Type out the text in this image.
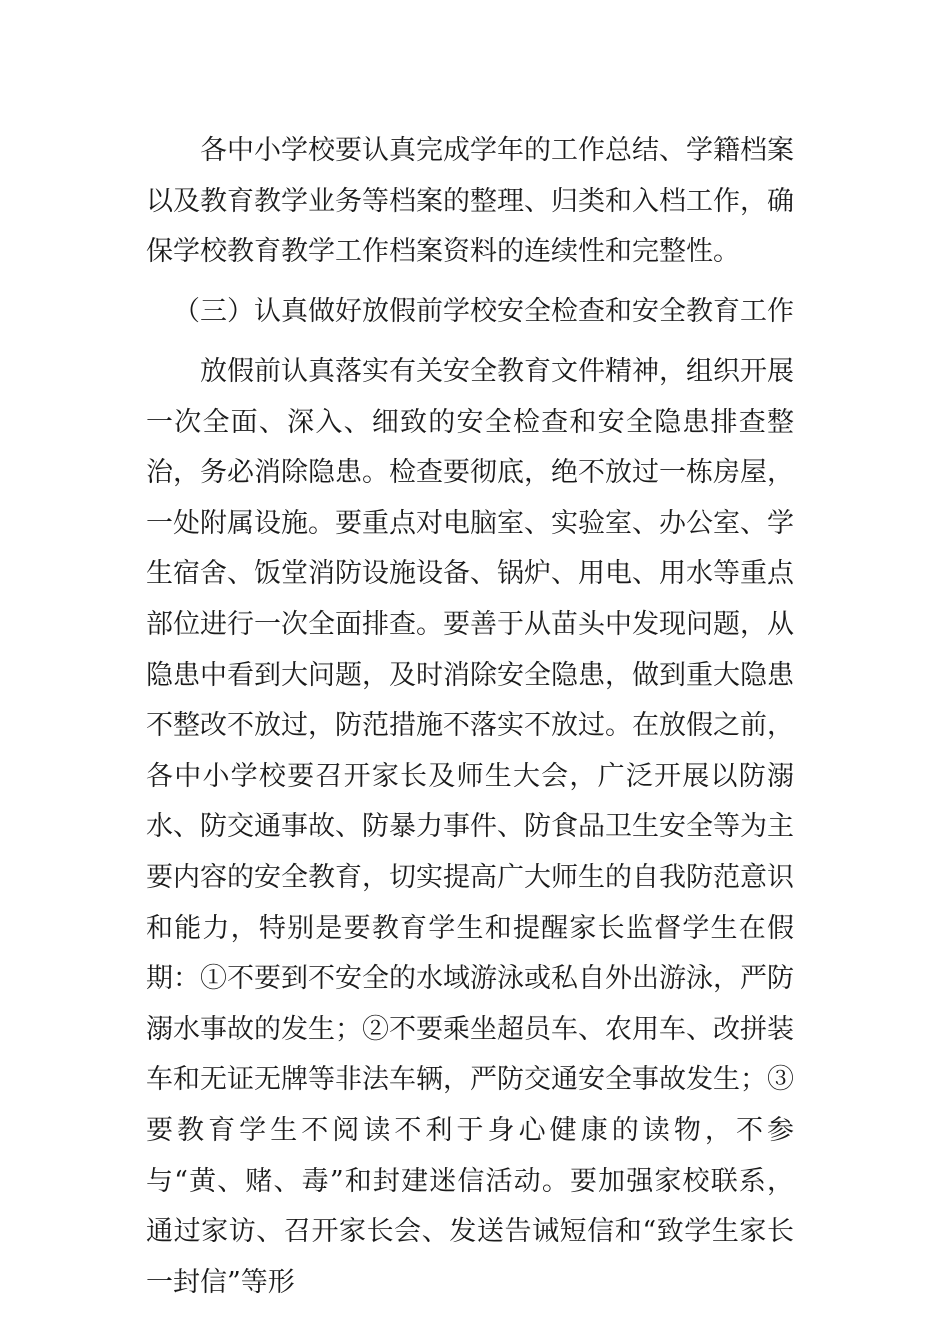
各中小学校要认真完成学年的工作总结、学籍档案以及教育教学业务等档案的整理、归类和入档工作，确保学校教育教学工作档案资料的连续性和完整性。

（三）认真做好放假前学校安全检查和安全教育工作

放假前认真落实有关安全教育文件精神，组织开展一次全面、深入、细致的安全检查和安全隐患排查整治，务必消除隐患。检查要彻底，绝不放过一栋房屋，一处附属设施。要重点对电脑室、实验室、办公室、学生宿舍、饭堂消防设施设备、锅炉、用电、用水等重点部位进行一次全面排查。要善于从苗头中发现问题，从隐患中看到大问题，及时消除安全隐患，做到重大隐患不整改不放过，防范措施不落实不放过。在放假之前，各中小学校要召开家长及师生大会，广泛开展以防溺水、防交通事故、防暴力事件、防食品卫生安全等为主要内容的安全教育，切实提高广大师生的自我防范意识和能力，特别是要教育学生和提醒家长监督学生在假期：①不要到不安全的水域游泳或私自外出游泳，严防溺水事故的发生；②不要乘坐超员车、农用车、改拼装车和无证无牌等非法车辆，严防交通安全事故发生；③要教育学生不阅读不利于身心健康的读物，不参与“黄、赌、毒”和封建迷信活动。要加强家校联系，通过家访、召开家长会、发送告诫短信和“致学生家长一封信”等形
